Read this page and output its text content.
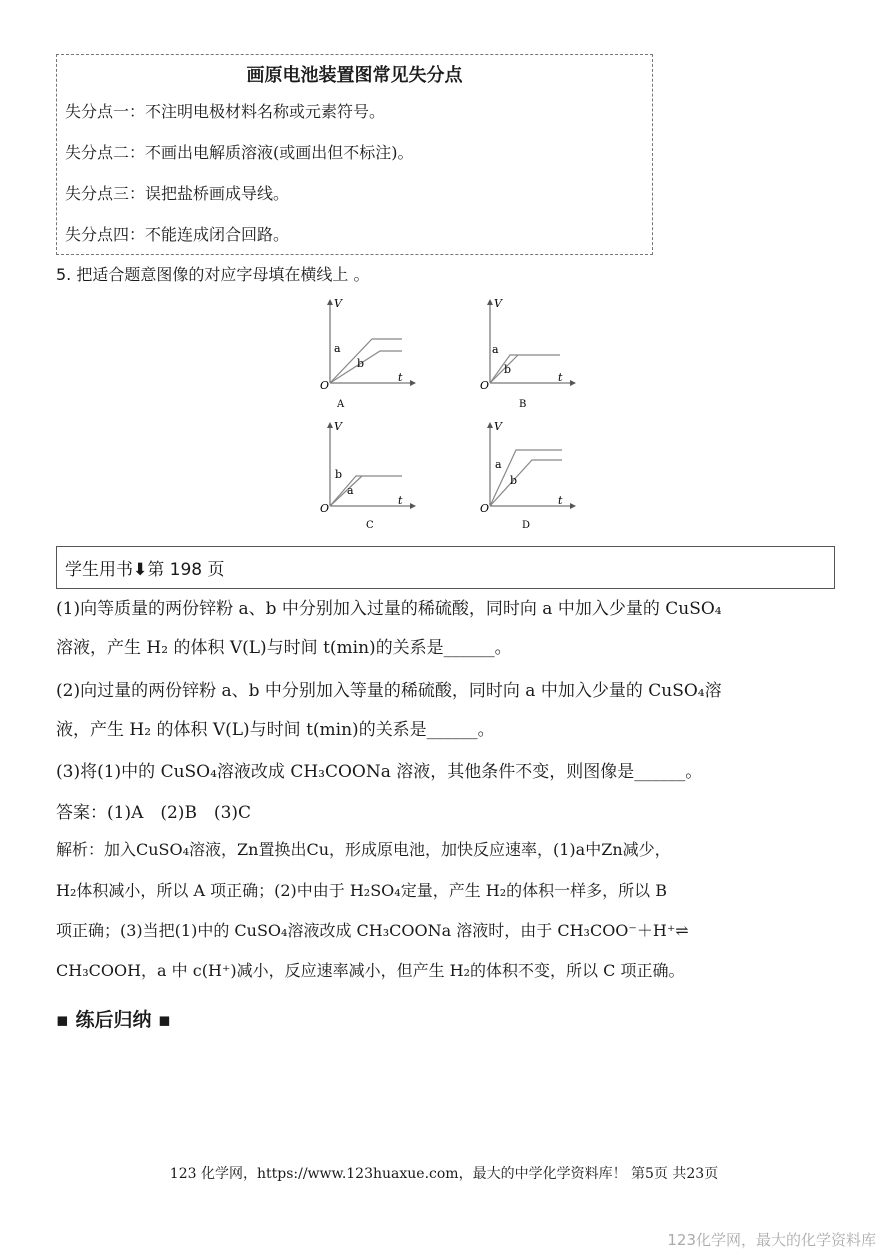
画原电池装置图常见失分点
失分点一：不注明电极材料名称或元素符号。
失分点二：不画出电解质溶液(或画出但不标注)。
失分点三：误把盐桥画成导线。
失分点四：不能连成闭合回路。
5. 把适合题意图像的对应字母填在横线上 。
V
t
O
a
b
A
V
t
O
a
b
B
V
t
O
b
a
C
V
t
O
a
b
D
学生用书⬇第 198 页
(1)向等质量的两份锌粉 a、b 中分别加入过量的稀硫酸，同时向 a 中加入少量的 CuSO₄
溶液，产生 H₂ 的体积 V(L)与时间 t(min)的关系是______。
(2)向过量的两份锌粉 a、b 中分别加入等量的稀硫酸，同时向 a 中加入少量的 CuSO₄溶
液，产生 H₂ 的体积 V(L)与时间 t(min)的关系是______。
(3)将(1)中的 CuSO₄溶液改成 CH₃COONa 溶液，其他条件不变，则图像是______。
答案：(1)A　(2)B　(3)C
解析：加入CuSO₄溶液，Zn置换出Cu，形成原电池，加快反应速率，(1)a中Zn减少，
H₂体积减小，所以 A 项正确；(2)中由于 H₂SO₄定量，产生 H₂的体积一样多，所以 B
项正确；(3)当把(1)中的 CuSO₄溶液改成 CH₃COONa 溶液时，由于 CH₃COO⁻＋H⁺⇌
CH₃COOH，a 中 c(H⁺)减小，反应速率减小，但产生 H₂的体积不变，所以 C 项正确。
▪ 练后归纳 ▪
123 化学网，https://www.123huaxue.com，最大的中学化学资料库！ 第5页 共23页
123化学网，最大的化学资料库
